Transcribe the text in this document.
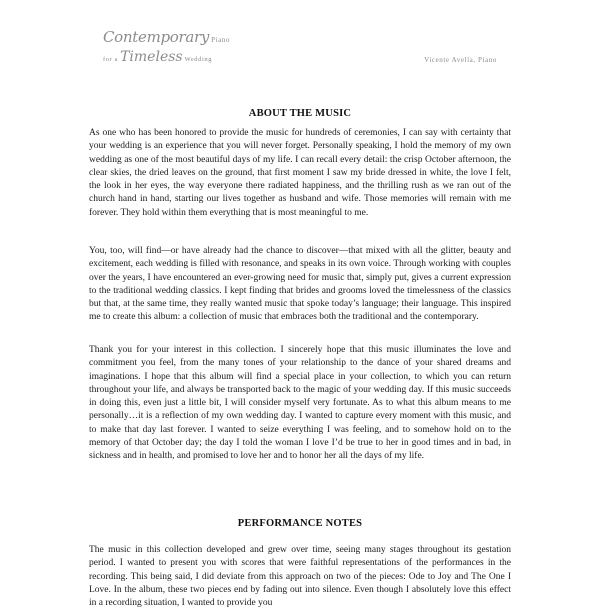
Contemporary Piano
for a Timeless Wedding	Vicente Avella, Piano
ABOUT THE MUSIC

As one who has been honored to provide the music for hundreds of ceremonies, I can say with certainty that your wedding is an experience that you will never forget. Personally speaking, I hold the memory of my own wedding as one of the most beautiful days of my life. I can recall every detail: the crisp October afternoon, the clear skies, the dried leaves on the ground, that first moment I saw my bride dressed in white, the love I felt, the look in her eyes, the way everyone there radiated happiness, and the thrilling rush as we ran out of the church hand in hand, starting our lives together as husband and wife. Those memories will remain with me forever. They hold within them everything that is most meaningful to me.

You, too, will find—or have already had the chance to discover—that mixed with all the glitter, beauty and excitement, each wedding is filled with resonance, and speaks in its own voice. Through working with couples over the years, I have encountered an ever-growing need for music that, simply put, gives a current expression to the traditional wedding classics. I kept finding that brides and grooms loved the timelessness of the classics but that, at the same time, they really wanted music that spoke today’s language; their language. This inspired me to create this album: a collection of music that embraces both the traditional and the contemporary.

Thank you for your interest in this collection. I sincerely hope that this music illuminates the love and commitment you feel, from the many tones of your relationship to the dance of your shared dreams and imaginations. I hope that this album will find a special place in your collection, to which you can return throughout your life, and always be transported back to the magic of your wedding day. If this music succeeds in doing this, even just a little bit, I will consider myself very fortunate. As to what this album means to me personally…it is a reflection of my own wedding day. I wanted to capture every moment with this music, and to make that day last forever. I wanted to seize everything I was feeling, and to somehow hold on to the memory of that October day; the day I told the woman I love I’d be true to her in good times and in bad, in sickness and in health, and promised to love her and to honor her all the days of my life.

PERFORMANCE NOTES

The music in this collection developed and grew over time, seeing many stages throughout its gestation period. I wanted to present you with scores that were faithful representations of the performances in the recording. This being said, I did deviate from this approach on two of the pieces: Ode to Joy and The One I Love. In the album, these two pieces end by fading out into silence. Even though I absolutely love this effect in a recording situation, I wanted to provide you
